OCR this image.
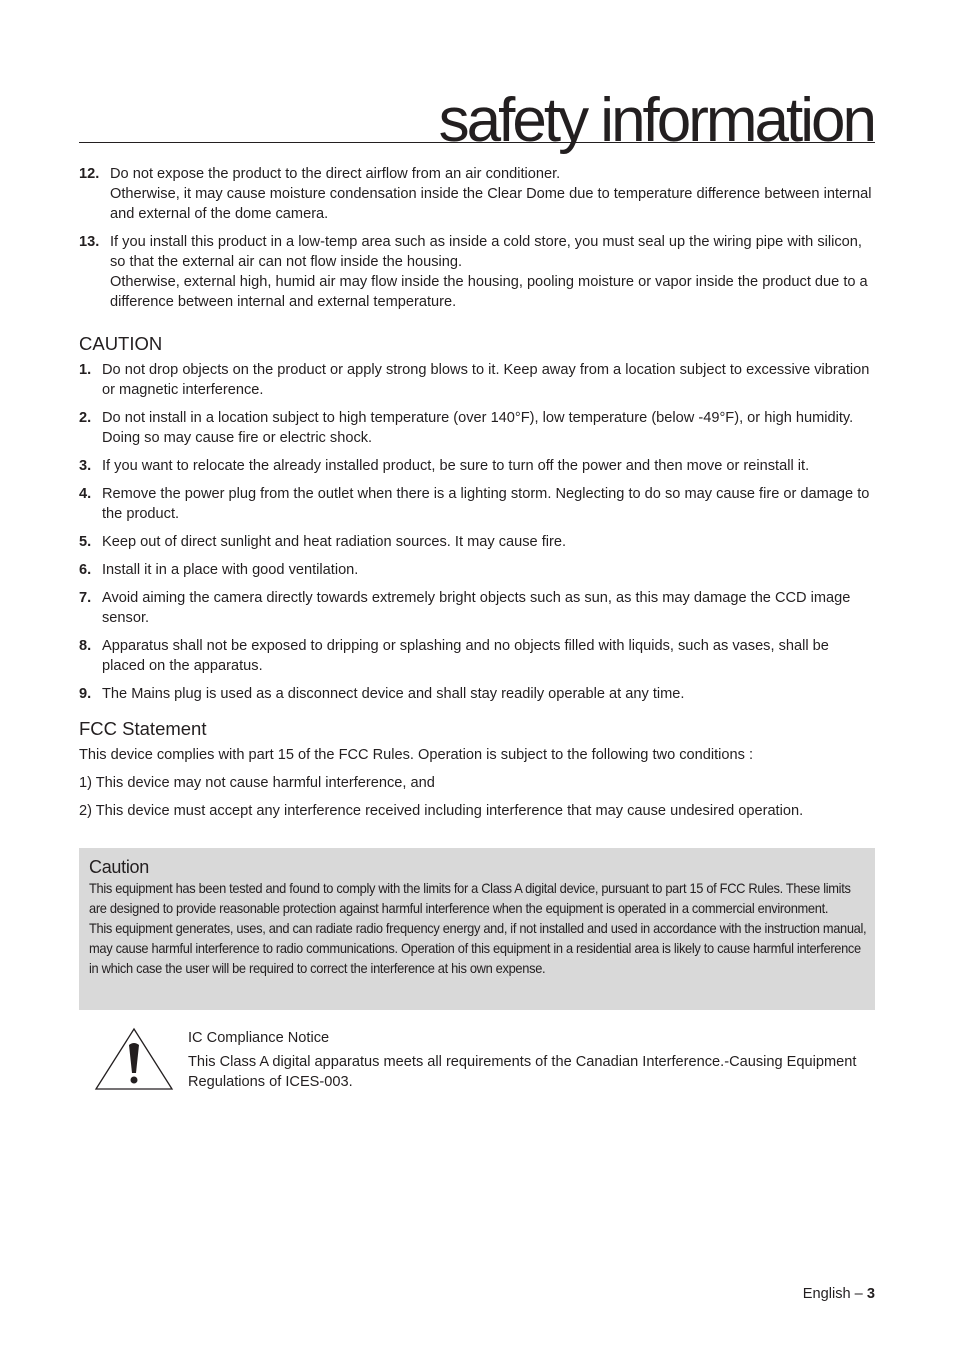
safety information
12. Do not expose the product to the direct airflow from an air conditioner.
Otherwise, it may cause moisture condensation inside the Clear Dome due to temperature difference between internal and external of the dome camera.
13. If you install this product in a low-temp area such as inside a cold store, you must seal up the wiring pipe with silicon, so that the external air can not flow inside the housing.
Otherwise, external high, humid air may flow inside the housing, pooling moisture or vapor inside the product due to a difference between internal and external temperature.
CAUTION
1. Do not drop objects on the product or apply strong blows to it. Keep away from a location subject to excessive vibration or magnetic interference.
2. Do not install in a location subject to high temperature (over 140°F), low temperature (below -49°F), or high humidity. Doing so may cause fire or electric shock.
3. If you want to relocate the already installed product, be sure to turn off the power and then move or reinstall it.
4. Remove the power plug from the outlet when there is a lighting storm. Neglecting to do so may cause fire or damage to the product.
5. Keep out of direct sunlight and heat radiation sources. It may cause fire.
6. Install it in a place with good ventilation.
7. Avoid aiming the camera directly towards extremely bright objects such as sun, as this may damage the CCD image sensor.
8. Apparatus shall not be exposed to dripping or splashing and no objects filled with liquids, such as vases, shall be placed on the apparatus.
9. The Mains plug is used as a disconnect device and shall stay readily operable at any time.
FCC Statement

This device complies with part 15 of the FCC Rules. Operation is subject to the following two conditions :

1) This device may not cause harmful interference, and

2) This device must accept any interference received including interference that may cause undesired operation.

Caution

This equipment has been tested and found to comply with the limits for a Class A digital device, pursuant to part 15 of FCC Rules. These limits are designed to provide reasonable protection against harmful interference when the equipment is operated in a commercial environment.

This equipment generates, uses, and can radiate radio frequency energy and, if not installed and used in accordance with the instruction manual, may cause harmful interference to radio communications. Operation of this equipment in a residential area is likely to cause harmful interference in which case the user will be required to correct the interference at his own expense.

IC Compliance Notice
This Class A digital apparatus meets all requirements of the Canadian Interference.-Causing Equipment Regulations of ICES-003.
English – 3
